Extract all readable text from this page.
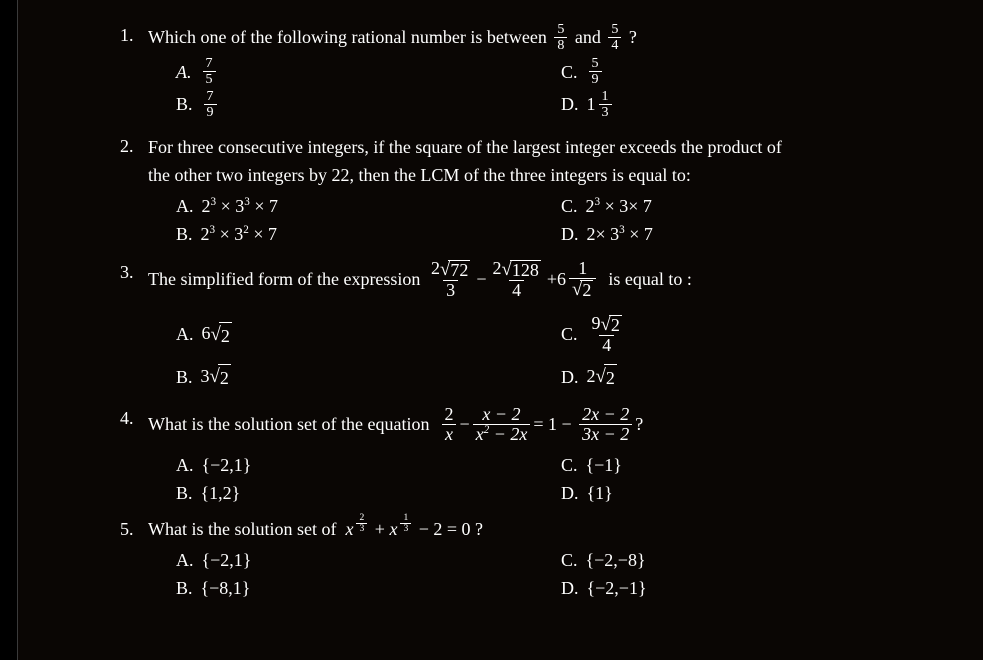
1. Which one of the following rational number is between $\frac{5}{8}$ and $\frac{5}{4}$ ?
A. $\frac{7}{5}$	C. $\frac{5}{9}$
B. $\frac{7}{9}$	D. $1 \frac{1}{3}$
2. For three consecutive integers, if the square of the largest integer exceeds the product of
the other two integers by 22, then the LCM of the three integers is equal to:
A. $2^3 \times 3^3 \times 7$	C. $2^3 \times 3\times 7$
B. $2^3 \times 3^2 \times 7$	D. $2\times 3^3 \times 7$
3. The simplified form of the expression $\frac{2 √ 72}{3} - \frac{2 √ 128}{4} + 6 \frac{1}{√ 2}$ is equal to :
A. 6 √ 2	C. $\frac{9 √ 2}{4}$
B. 3 √ 2	D. 2 √ 2
4. What is the solution set of the equation $\frac{2}{x} - \frac{x - 2}{x^2 - 2x} = 1 - \frac{2x - 2}{3x - 2}$ ?
A. {−2,1}	C. {−1}
B. {1,2}	D. {1}
5. What is the solution set of x $\frac{2}{3} + x \frac{1}{3} - 2 = 0$ ?
A. {−2,1}	C. {−2,−8}
B. {−8,1}	D. {−2,−1}
